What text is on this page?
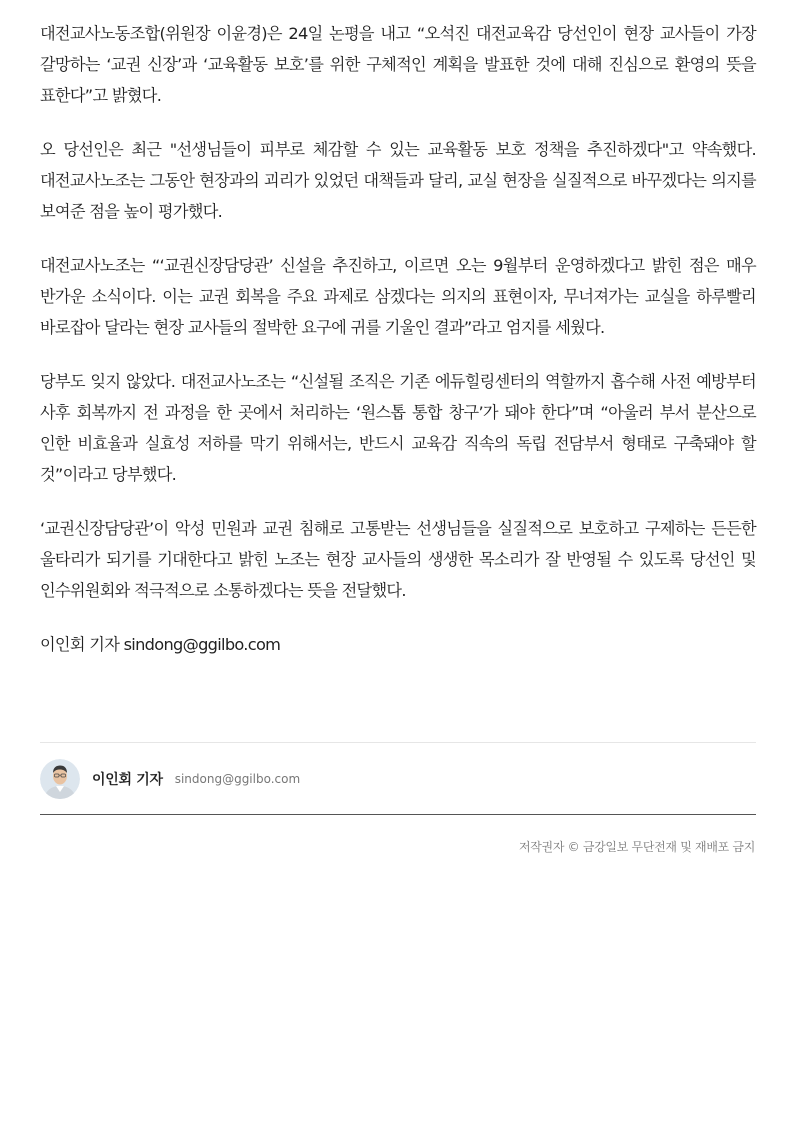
대전교사노동조합(위원장 이윤경)은 24일 논평을 내고 “오석진 대전교육감 당선인이 현장 교사들이 가장 갈망하는 ‘교권 신장’과 ‘교육활동 보호’를 위한 구체적인 계획을 발표한 것에 대해 진심으로 환영의 뜻을 표한다”고 밝혔다.

오 당선인은 최근 "선생님들이 피부로 체감할 수 있는 교육활동 보호 정책을 추진하겠다"고 약속했다. 대전교사노조는 그동안 현장과의 괴리가 있었던 대책들과 달리, 교실 현장을 실질적으로 바꾸겠다는 의지를 보여준 점을 높이 평가했다.

대전교사노조는 “‘교권신장담당관’ 신설을 추진하고, 이르면 오는 9월부터 운영하겠다고 밝힌 점은 매우 반가운 소식이다. 이는 교권 회복을 주요 과제로 삼겠다는 의지의 표현이자, 무너져가는 교실을 하루빨리 바로잡아 달라는 현장 교사들의 절박한 요구에 귀를 기울인 결과”라고 엄지를 세웠다.

당부도 잊지 않았다. 대전교사노조는 “신설될 조직은 기존 에듀힐링센터의 역할까지 흡수해 사전 예방부터 사후 회복까지 전 과정을 한 곳에서 처리하는 ‘원스톱 통합 창구’가 돼야 한다”며 “아울러 부서 분산으로 인한 비효율과 실효성 저하를 막기 위해서는, 반드시 교육감 직속의 독립 전담부서 형태로 구축돼야 할 것”이라고 당부했다.

‘교권신장담당관’이 악성 민원과 교권 침해로 고통받는 선생님들을 실질적으로 보호하고 구제하는 든든한 울타리가 되기를 기대한다고 밝힌 노조는 현장 교사들의 생생한 목소리가 잘 반영될 수 있도록 당선인 및 인수위원회와 적극적으로 소통하겠다는 뜻을 전달했다.

이인회 기자 sindong@ggilbo.com

이인회 기자 sindong@ggilbo.com
저작권자 © 금강일보 무단전재 및 재배포 금지
